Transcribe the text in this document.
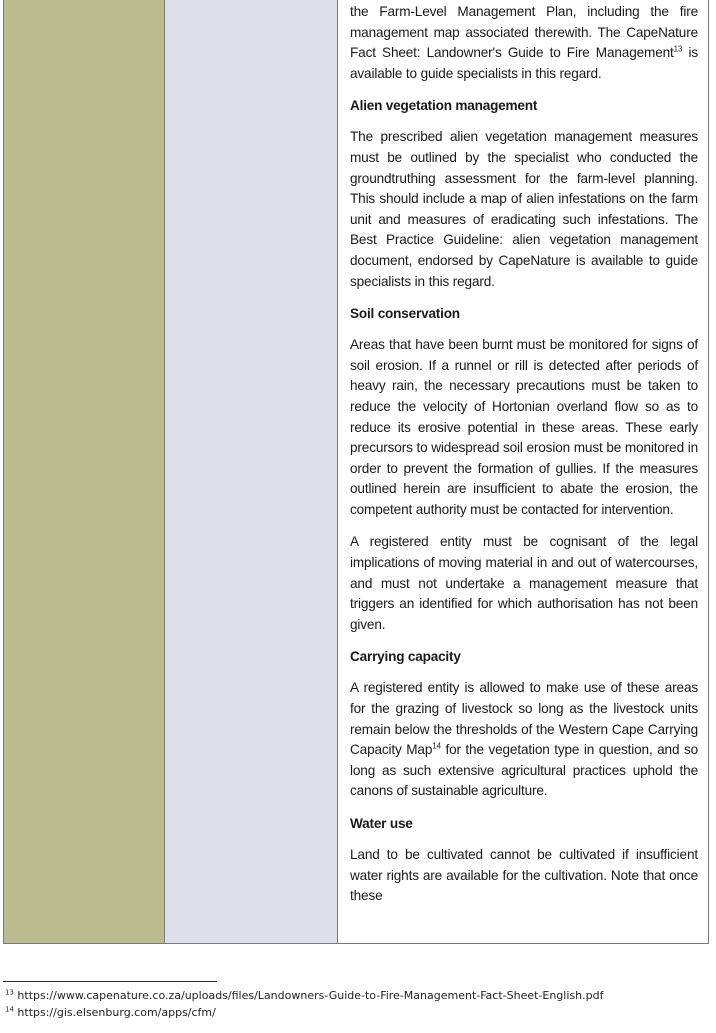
the Farm-Level Management Plan, including the fire management map associated therewith. The CapeNature Fact Sheet: Landowner's Guide to Fire Management$^{13}$ is available to guide specialists in this regard.

Alien vegetation management

The prescribed alien vegetation management measures must be outlined by the specialist who conducted the groundtruthing assessment for the farm-level planning. This should include a map of alien infestations on the farm unit and measures of eradicating such infestations. The Best Practice Guideline: alien vegetation management document, endorsed by CapeNature is available to guide specialists in this regard.

Soil conservation

Areas that have been burnt must be monitored for signs of soil erosion. If a runnel or rill is detected after periods of heavy rain, the necessary precautions must be taken to reduce the velocity of Hortonian overland flow so as to reduce its erosive potential in these areas. These early precursors to widespread soil erosion must be monitored in order to prevent the formation of gullies. If the measures outlined herein are insufficient to abate the erosion, the competent authority must be contacted for intervention.

A registered entity must be cognisant of the legal implications of moving material in and out of watercourses, and must not undertake a management measure that triggers an identified for which authorisation has not been given.

Carrying capacity

A registered entity is allowed to make use of these areas for the grazing of livestock so long as the livestock units remain below the thresholds of the Western Cape Carrying Capacity Map$^{14}$ for the vegetation type in question, and so long as such extensive agricultural practices uphold the canons of sustainable agriculture.

Water use

Land to be cultivated cannot be cultivated if insufficient water rights are available for the cultivation. Note that once these

$^{13}$ https://www.capenature.co.za/uploads/files/Landowners-Guide-to-Fire-Management-Fact-Sheet-English.pdf
$^{14}$ https://gis.elsenburg.com/apps/cfm/
